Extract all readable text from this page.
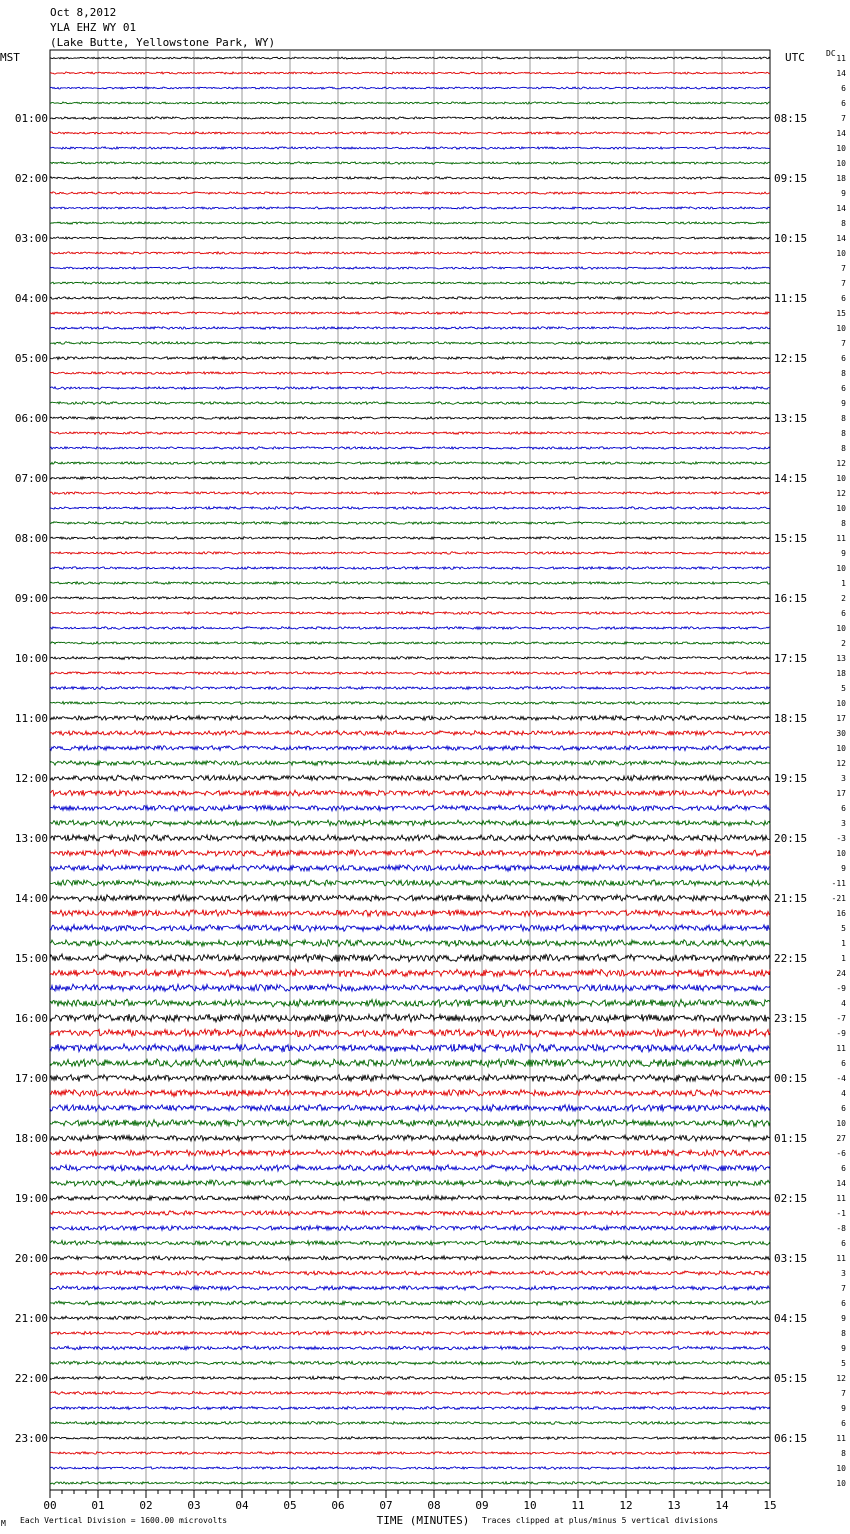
Oct 8,2012
YLA EHZ WY 01
(Lake Butte, Yellowstone Park, WY)
MST	UTC	DC
11
14
6
6
7
14
10
10
18
9
14
8
14
10
7
7
6
15
10
7
6
8
6
9
8
8
8
12
10
12
10
8
11
9
10
1
2
6
10
2
13
18
5
10
17
30
10
12
3
17
6
3
-3
10
9
-11
-21
16
5
1
1
24
-9
4
-7
-9
11
6
-4
4
6
10
27
-6
6
14
11
-1
-8
6
11
3
7
6
9
8
9
5
12
7
9
6
11
8
10
10
01:00
02:00
03:00
04:00
05:00
06:00
07:00
08:00
09:00
10:00
11:00
12:00
13:00
14:00
15:00
16:00
17:00
18:00
19:00
20:00
21:00
22:00
23:00
08:15
09:15
10:15
11:15
12:15
13:15
14:15
15:15
16:15
17:15
18:15
19:15
20:15
21:15
22:15
23:15
00:15
01:15
02:15
03:15
04:15
05:15
06:15
00	01	02	03	04	05	06	07	08	09	10	11	12	13	14	15
TIME (MINUTES)
M Each Vertical Division = 1600.00 microvolts	Traces clipped at plus/minus 5 vertical divisions
